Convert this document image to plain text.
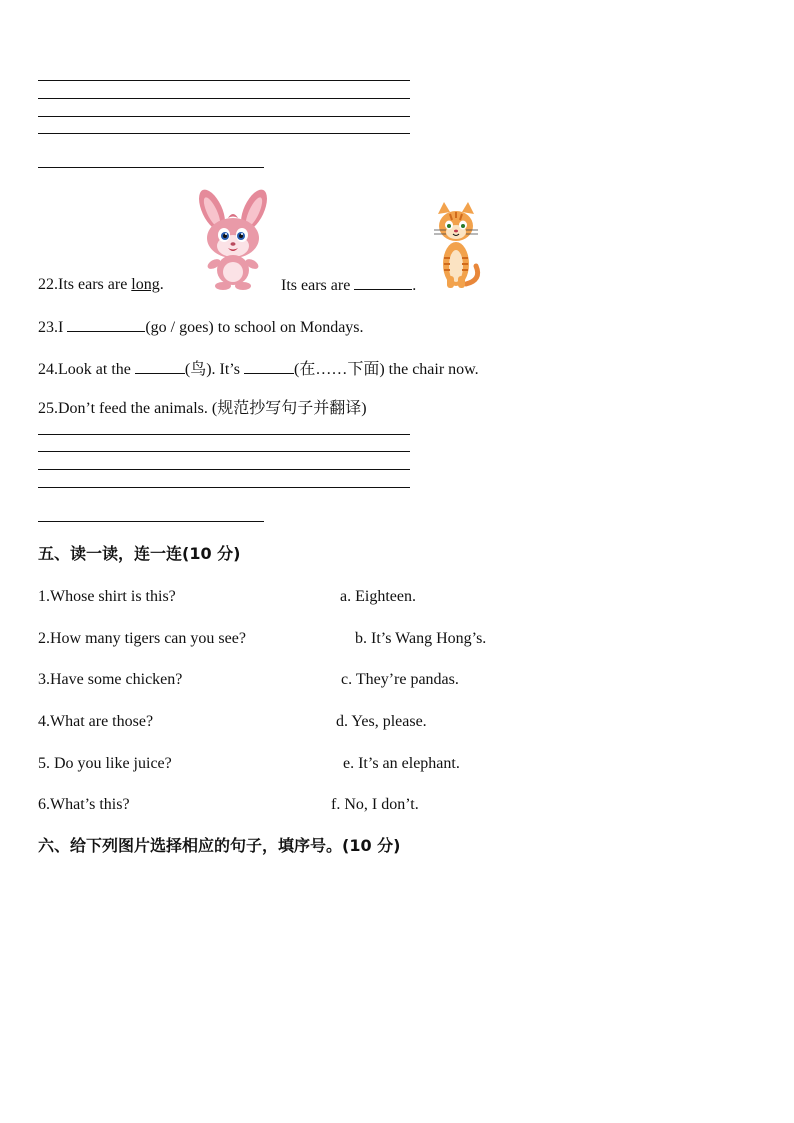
22.Its ears are long.	Its ears are	.
23.I	(go / goes) to school on Mondays.
24.Look at the	(鸟). It’s	(在……下面) the chair now.
25.Don’t feed the animals. (规范抄写句子并翻译)
五、读一读，连一连(10 分)
1.Whose shirt is this?	a. Eighteen.
2.How many tigers can you see?	b. It’s Wang Hong’s.
3.Have some chicken?	c. They’re pandas.
4.What are those?	d. Yes, please.
5. Do you like juice?	e. It’s an elephant.
6.What’s this?	f. No, I don’t.
六、给下列图片选择相应的句子，填序号。(10 分)
